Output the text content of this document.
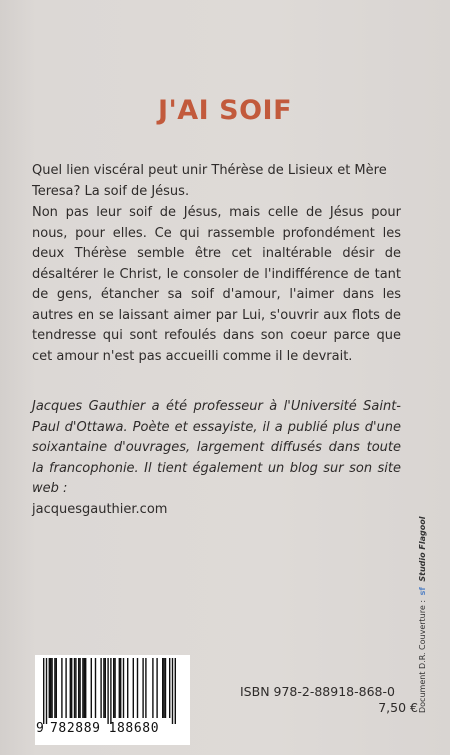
J'AI SOIF

Quel lien viscéral peut unir Thérèse de Lisieux et Mère Teresa? La soif de Jésus.

Non pas leur soif de Jésus, mais celle de Jésus pour nous, pour elles. Ce qui rassemble profondément les deux Thérèse semble être cet inaltérable désir de désaltérer le Christ, le consoler de l'indifférence de tant de gens, étancher sa soif d'amour, l'aimer dans les autres en se laissant aimer par Lui, s'ouvrir aux flots de tendresse qui sont refoulés dans son coeur parce que cet amour n'est pas accueilli comme il le devrait.

Jacques Gauthier a été professeur à l'Université Saint-Paul d'Ottawa. Poète et essayiste, il a publié plus d'une soixantaine d'ouvrages, largement diffusés dans toute la francophonie. Il tient également un blog sur son site web :
jacquesgauthier.com

9 782889 188680
ISBN 978-2-88918-868-0
7,50 € Document D.R. Couverture : sf Studio Flagool
